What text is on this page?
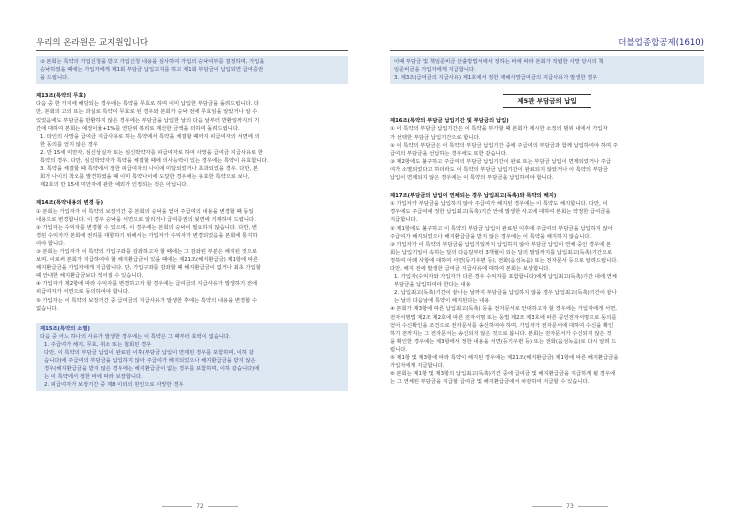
우리의 온라원은 교지원입니다
③ 본회는 특약의 가입신청을 받고 가입신청 내용을 심사하여 가입의 승낙여부를 결정하며, 가입을
승낙하였을 때에는 가입자에게 제1회 부담금 납입고지를 하고 제1회 부담금이 납입되면 급여증권
을 드립니다.
제13조(특약의 무효)
다음 중 한 가지에 해당되는 경우에는 특약을 무효로 하며 이미 납입한 부담금을 돌려드립니다. 다
만, 본회의 고의 또는 과실로 특약이 무효로 된 경우와 본회가 승낙 전에 무효임을 알았거나 알 수
있었음에도 부담금을 반환하지 않은 경우에는 부담금을 납입한 날의 다음 날부터 반환일까지의 기
간에 대하여 본회는 예정이율+1%를 연단위 복리로 계산한 금액을 더하여 돌려드립니다.
1. 타인의 사망을 급여금 지급사유로 하는 특약에서 특약을 체결할 때까지 피급여자의 서면에 의
한 동의를 얻지 않은 경우
2. 만 15세 미만자, 심신상실자 또는 심신박약자를 피급여자로 하여 사망을 급여금 지급사유로 한
특약의 경우. 다만, 심신박약자가 특약을 체결할 때에 의사능력이 있는 경우에는 특약이 유효합니다.
3. 특약을 체결할 때 특약에서 정한 피급여자의 나이에 미달되었거나 초과되었을 경우. 다만, 본
회가 나이의 착오를 발견하였을 때 이미 특약나이에 도달한 경우에는 유효한 특약으로 보나,
제2호의 만 15세 미만자에 관한 예외가 인정되는 것은 아닙니다.
제14조(특약내용의 변경 등)
① 본회는 가입자가 이 특약의 보장기간 중 본회의 승낙을 얻어 주급여의 내용을 변경할 때 동일
내용으로 변경합니다. 이 경우 승낙을 서면으로 알리거나 급여증권의 뒷면에 기재하여 드립니다.
② 가입자는 수익자를 변경할 수 있으며, 이 경우에는 본회의 승낙이 필요하지 않습니다. 다만, 변
경된 수익자가 본회에 권리를 대항하기 위해서는 가입자가 수익자가 변경되었음을 본회에 통지하
여야 합니다.
③ 본회는 가입자가 이 특약의 가입구좌를 감좌하고자 할 때에는 그 감좌된 부분은 해지된 것으로
보며, 이로써 본회가 지급하여야 할 해지환급금이 있을 때에는 제21조(해지환급금) 제1항에 따른
해지환급금을 가입자에게 지급합니다. 단, 가입구좌를 감좌할 때 해지환급금이 없거나 최초 가입할
때 안내한 해지환급금보다 적어질 수 있습니다.
④ 가입자가 제2항에 따라 수익자를 변경하고자 할 경우에는 급여금의 지급사유가 발생하기 전에
피급여자가 서면으로 동의하여야 합니다.
⑤ 가입자는 이 특약의 보장기간 중 급여금의 지급사유가 발생한 후에는 특약의 내용을 변경할 수
없습니다.
제15조(특약의 소멸)
다음 중 어느 하나의 사유가 발생한 경우에는 이 특약은 그 때부터 효력이 없습니다.
1. 주급여가 해지, 무효, 취소 또는 철회된 경우
다만, 이 특약의 부담금 납입이 완료된 이후(부담금 납입이 면제된 경우를 포함하며, 이하 같
습니다)에 주급여의 부담금을 납입하지 않아 주급여가 해지되었으나 해지환급금을 받지 않은
경우(해지환급금을 받지 않은 경우에는 해지환급금이 없는 경우를 포함하며, 이하 같습니다)에
는 이 특약에서 정한 바에 따라 보장합니다.
2. 피급여자가 보장기간 중 제8 이외의 원인으로 사망한 경우
72
더블업종합공제(1610)
이때 부담금 및 책임준비금 산출방법서에서 정하는 바에 따라 본회가 적립한 사망 당시의 책
임준비금을 가입자에게 지급합니다.
3. 제3조(급여금의 지급사유) 제1호에서 정한 재해사망급여금의 지급사유가 발생한 경우
제5관 부담금의 납입
제16조(특약의 부담금 납입기간 및 부담금의 납입)
① 이 특약의 부담금 납입기간은 이 특약을 부가할 때 본회가 제시한 소정의 범위 내에서 가입자
가 선택한 부담금 납입기간으로 합니다.
② 이 특약의 부담금은 이 특약의 부담금 납입기간 중에 주급여의 부담금과 함께 납입하여야 하며 주
급여의 부담금을 선납하는 경우에도 또한 같습니다.
③ 제2항에도 불구하고 주급여의 부담금 납입기간이 완료 또는 부담금 납입이 면제되었거나 주급
여가 소멸되었다고 하더라도 이 특약의 부담금 납입기간이 완료되지 않았거나 이 특약의 부담금
납입이 면제되지 않은 경우에는 이 특약의 부담금을 납입하여야 합니다.
제17조(부담금의 납입이 연체되는 경우 납입최고(독촉)와 특약의 해지)
① 가입자가 부담금을 납입하지 않아 주급여가 해지된 경우에는 이 특약도 해지합니다. 다만, 이
경우에도 주급여에 정한 납입최고(독촉)기간 안에 발생한 사고에 대하여 본회는 약정한 급여금을
지급합니다.
② 제1항에도 불구하고 이 특약의 부담금 납입이 완료된 이후에 주급여의 부담금을 납입하지 않아
주급여가 해지되었으나 해지환급금을 받지 않은 경우에는 이 특약을 해지하지 않습니다.
③ 가입자가 이 특약의 부담금을 납입기일까지 납입하지 않아 부담금 납입이 연체 중인 경우에 본
회는 납입기일이 속하는 달의 다음달부터 3개월이 되는 달의 말일까지를 납입최고(독촉)기간으로
정하여 아래 사항에 대하여 서면(등기우편 등), 전화(음성녹음) 또는 전자문서 등으로 알려드립니다.
다만, 해지 전에 발생한 급여금 지급사유에 대하여 본회는 보상합니다.
1. 가입자(수익자와 가입자가 다른 경우 수익자를 포함합니다)에게 납입최고(독촉)기간 내에 연체
부담금을 납입하여야 한다는 내용
2. 납입최고(독촉)기간이 끝나는 날까지 부담금을 납입하지 않을 경우 납입최고(독촉)기간이 끝나
는 날의 다음날에 특약이 해지된다는 내용
④ 본회가 제3항에 따른 납입최고(독촉) 등을 전자문서로 안내하고자 할 경우에는 가입자에게 서면,
전자서명법 제2조 제2호에 따른 전자서명 또는 동법 제2조 제3호에 따른 공인전자서명으로 동의를
얻어 수신확인을 조건으로 전자문서를 송신하여야 하며, 가입자가 전자문서에 대하여 수신을 확인
하기 전까지는 그 전자문서는 송신되지 않은 것으로 봅니다. 본회는 전자문서가 수신되지 않은 것
을 확인한 경우에는 제3항에서 정한 내용을 서면(등기우편 등) 또는 전화(음성녹음)로 다시 알려 드
립니다.
⑤ 제1항 및 제3항에 따라 특약이 해지된 경우에는 제21조(해지환급금) 제1항에 따른 해지환급금을
가입자에게 지급합니다.
⑥ 본회는 제1항 및 제3항의 납입최고(독촉)기간 중에 급여금 및 해지환급금을 지급하게 될 경우에
는 그 연체된 부담금을 지급할 급여금 및 해지환급금에서 차감하여 지급할 수 있습니다.
73
